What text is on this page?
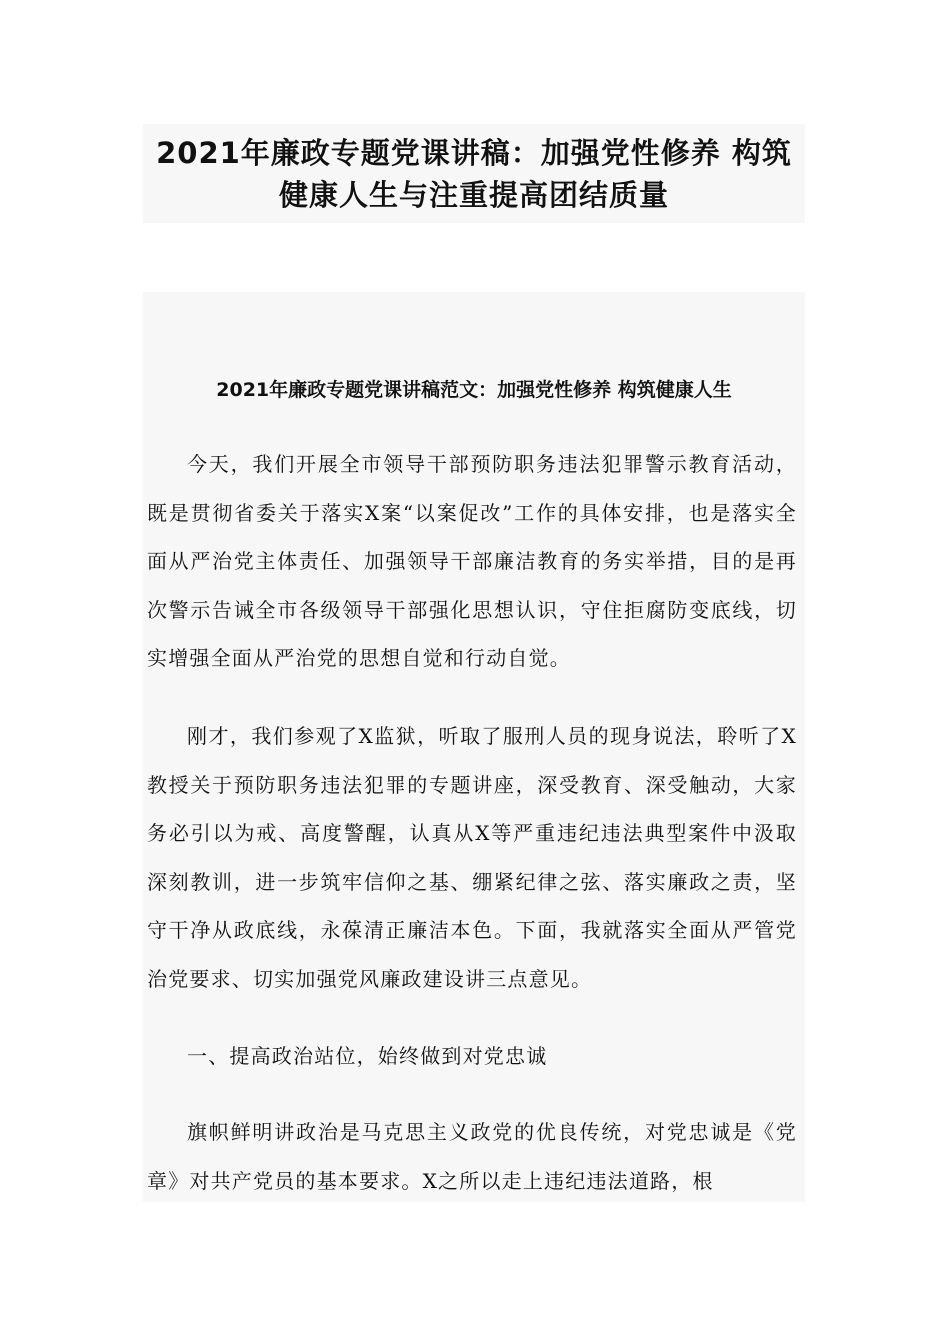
2021年廉政专题党课讲稿：加强党性修养 构筑健康人生与注重提高团结质量
2021年廉政专题党课讲稿范文：加强党性修养 构筑健康人生

今天，我们开展全市领导干部预防职务违法犯罪警示教育活动，既是贯彻省委关于落实X案“以案促改”工作的具体安排，也是落实全面从严治党主体责任、加强领导干部廉洁教育的务实举措，目的是再次警示告诫全市各级领导干部强化思想认识，守住拒腐防变底线，切实增强全面从严治党的思想自觉和行动自觉。

刚才，我们参观了X监狱，听取了服刑人员的现身说法，聆听了X教授关于预防职务违法犯罪的专题讲座，深受教育、深受触动，大家务必引以为戒、高度警醒，认真从X等严重违纪违法典型案件中汲取深刻教训，进一步筑牢信仰之基、绷紧纪律之弦、落实廉政之责，坚守干净从政底线，永葆清正廉洁本色。下面，我就落实全面从严管党治党要求、切实加强党风廉政建设讲三点意见。

一、提高政治站位，始终做到对党忠诚

旗帜鲜明讲政治是马克思主义政党的优良传统，对党忠诚是《党章》对共产党员的基本要求。X之所以走上违纪违法道路，根
